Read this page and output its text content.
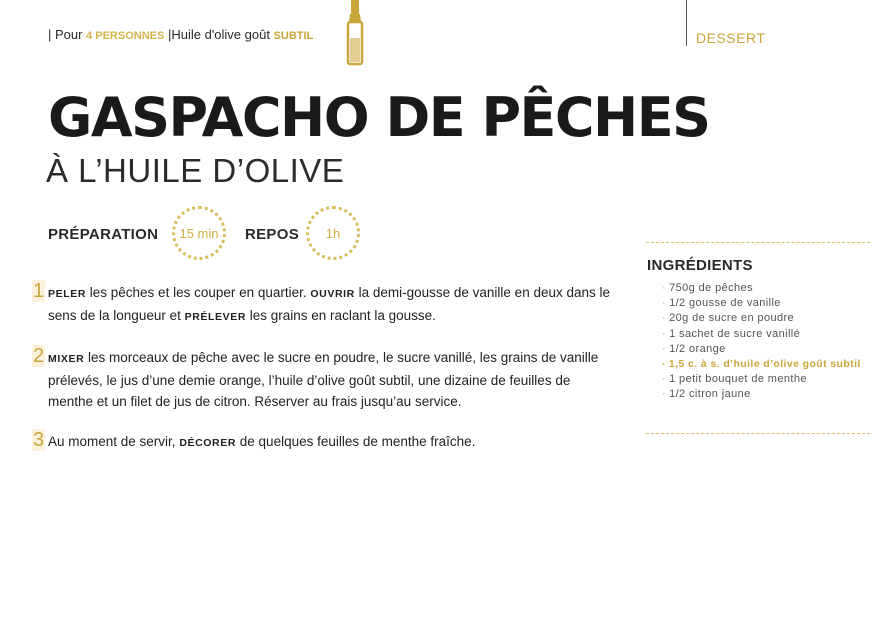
| Pour 4 PERSONNES |Huile d'olive goût SUBTIL	DESSERT
GASPACHO DE PÊCHES
À L’HUILE D’OLIVE
PRÉPARATION 15 min REPOS 1h
1 PELER les pêches et les couper en quartier. OUVRIR la demi-gousse de vanille en deux dans le sens de la longueur et PRÉLEVER les grains en raclant la gousse.
2 MIXER les morceaux de pêche avec le sucre en poudre, le sucre vanillé, les grains de vanille prélevés, le jus d’une demie orange, l’huile d’olive goût subtil, une dizaine de feuilles de menthe et un filet de jus de citron. Réserver au frais jusqu’au service.
3 Au moment de servir, DÉCORER de quelques feuilles de menthe fraîche.
INGRÉDIENTS
· 750g de pêches
· 1/2 gousse de vanille
· 20g de sucre en poudre
· 1 sachet de sucre vanillé
· 1/2 orange
· 1,5 c. à s. d’huile d’olive goût subtil
· 1 petit bouquet de menthe
· 1/2 citron jaune
